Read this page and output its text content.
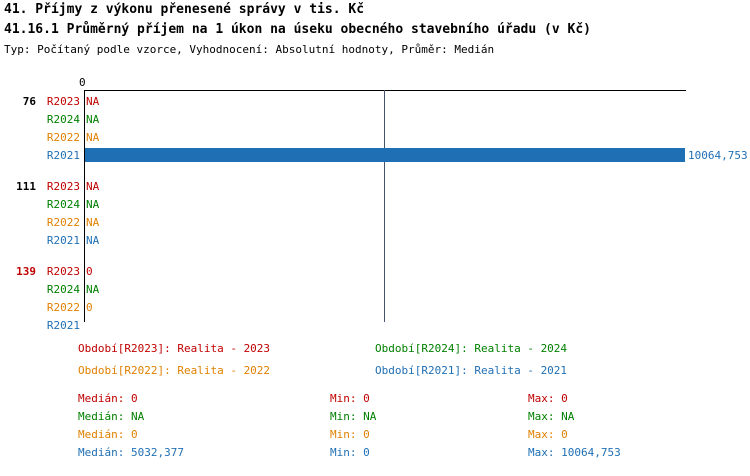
41. Příjmy z výkonu přenesené správy v tis. Kč
41.16.1 Průměrný příjem na 1 úkon na úseku obecného stavebního úřadu (v Kč)
Typ: Počítaný podle vzorce, Vyhodnocení: Absolutní hodnoty, Průměr: Medián
0
76 R2023 NA
R2024 NA
R2022 NA
R2021	10064,753
111 R2023 NA
R2024 NA
R2022 NA
R2021 NA
139 R2023 0
R2024 NA
R2022 0
R2021
Období[R2023]: Realita - 2023	Období[R2024]: Realita - 2024
Období[R2022]: Realita - 2022	Období[R2021]: Realita - 2021
Medián: 0	Min: 0	Max: 0
Medián: NA	Min: NA	Max: NA
Medián: 0	Min: 0	Max: 0
Medián: 5032,377	Min: 0	Max: 10064,753
